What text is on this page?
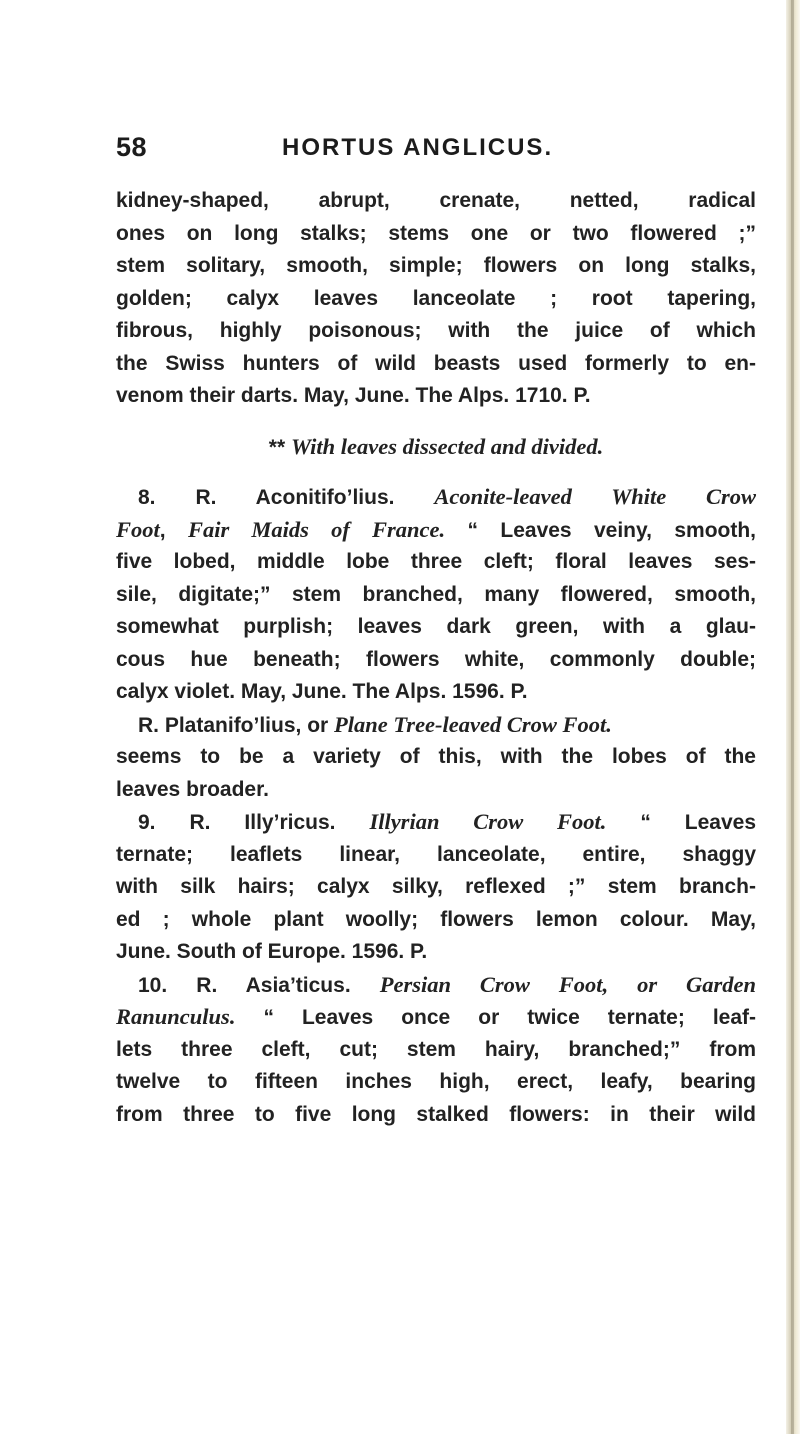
58	HORTUS ANGLICUS.
kidney-shaped, abrupt, crenate, netted, radical
ones on long stalks; stems one or two flowered ;”
stem solitary, smooth, simple; flowers on long stalks,
golden; calyx leaves lanceolate ; root tapering,
fibrous, highly poisonous; with the juice of which
the Swiss hunters of wild beasts used formerly to en-
venom their darts. May, June. The Alps. 1710. P.
** With leaves dissected and divided.
8. R. Aconitifo’lius. Aconite-leaved White Crow
Foot, Fair Maids of France. “ Leaves veiny, smooth,
five lobed, middle lobe three cleft; floral leaves ses-
sile, digitate;” stem branched, many flowered, smooth,
somewhat purplish; leaves dark green, with a glau-
cous hue beneath; flowers white, commonly double;
calyx violet. May, June. The Alps. 1596. P.
R. Platanifo’lius, or Plane Tree-leaved Crow Foot.
seems to be a variety of this, with the lobes of the
leaves broader.
9. R. Illy’ricus. Illyrian Crow Foot. “ Leaves
ternate; leaflets linear, lanceolate, entire, shaggy
with silk hairs; calyx silky, reflexed ;” stem branch-
ed ; whole plant woolly; flowers lemon colour. May,
June. South of Europe. 1596. P.
10. R. Asia’ticus. Persian Crow Foot, or Garden
Ranunculus. “ Leaves once or twice ternate; leaf-
lets three cleft, cut; stem hairy, branched;” from
twelve to fifteen inches high, erect, leafy, bearing
from three to five long stalked flowers: in their wild
